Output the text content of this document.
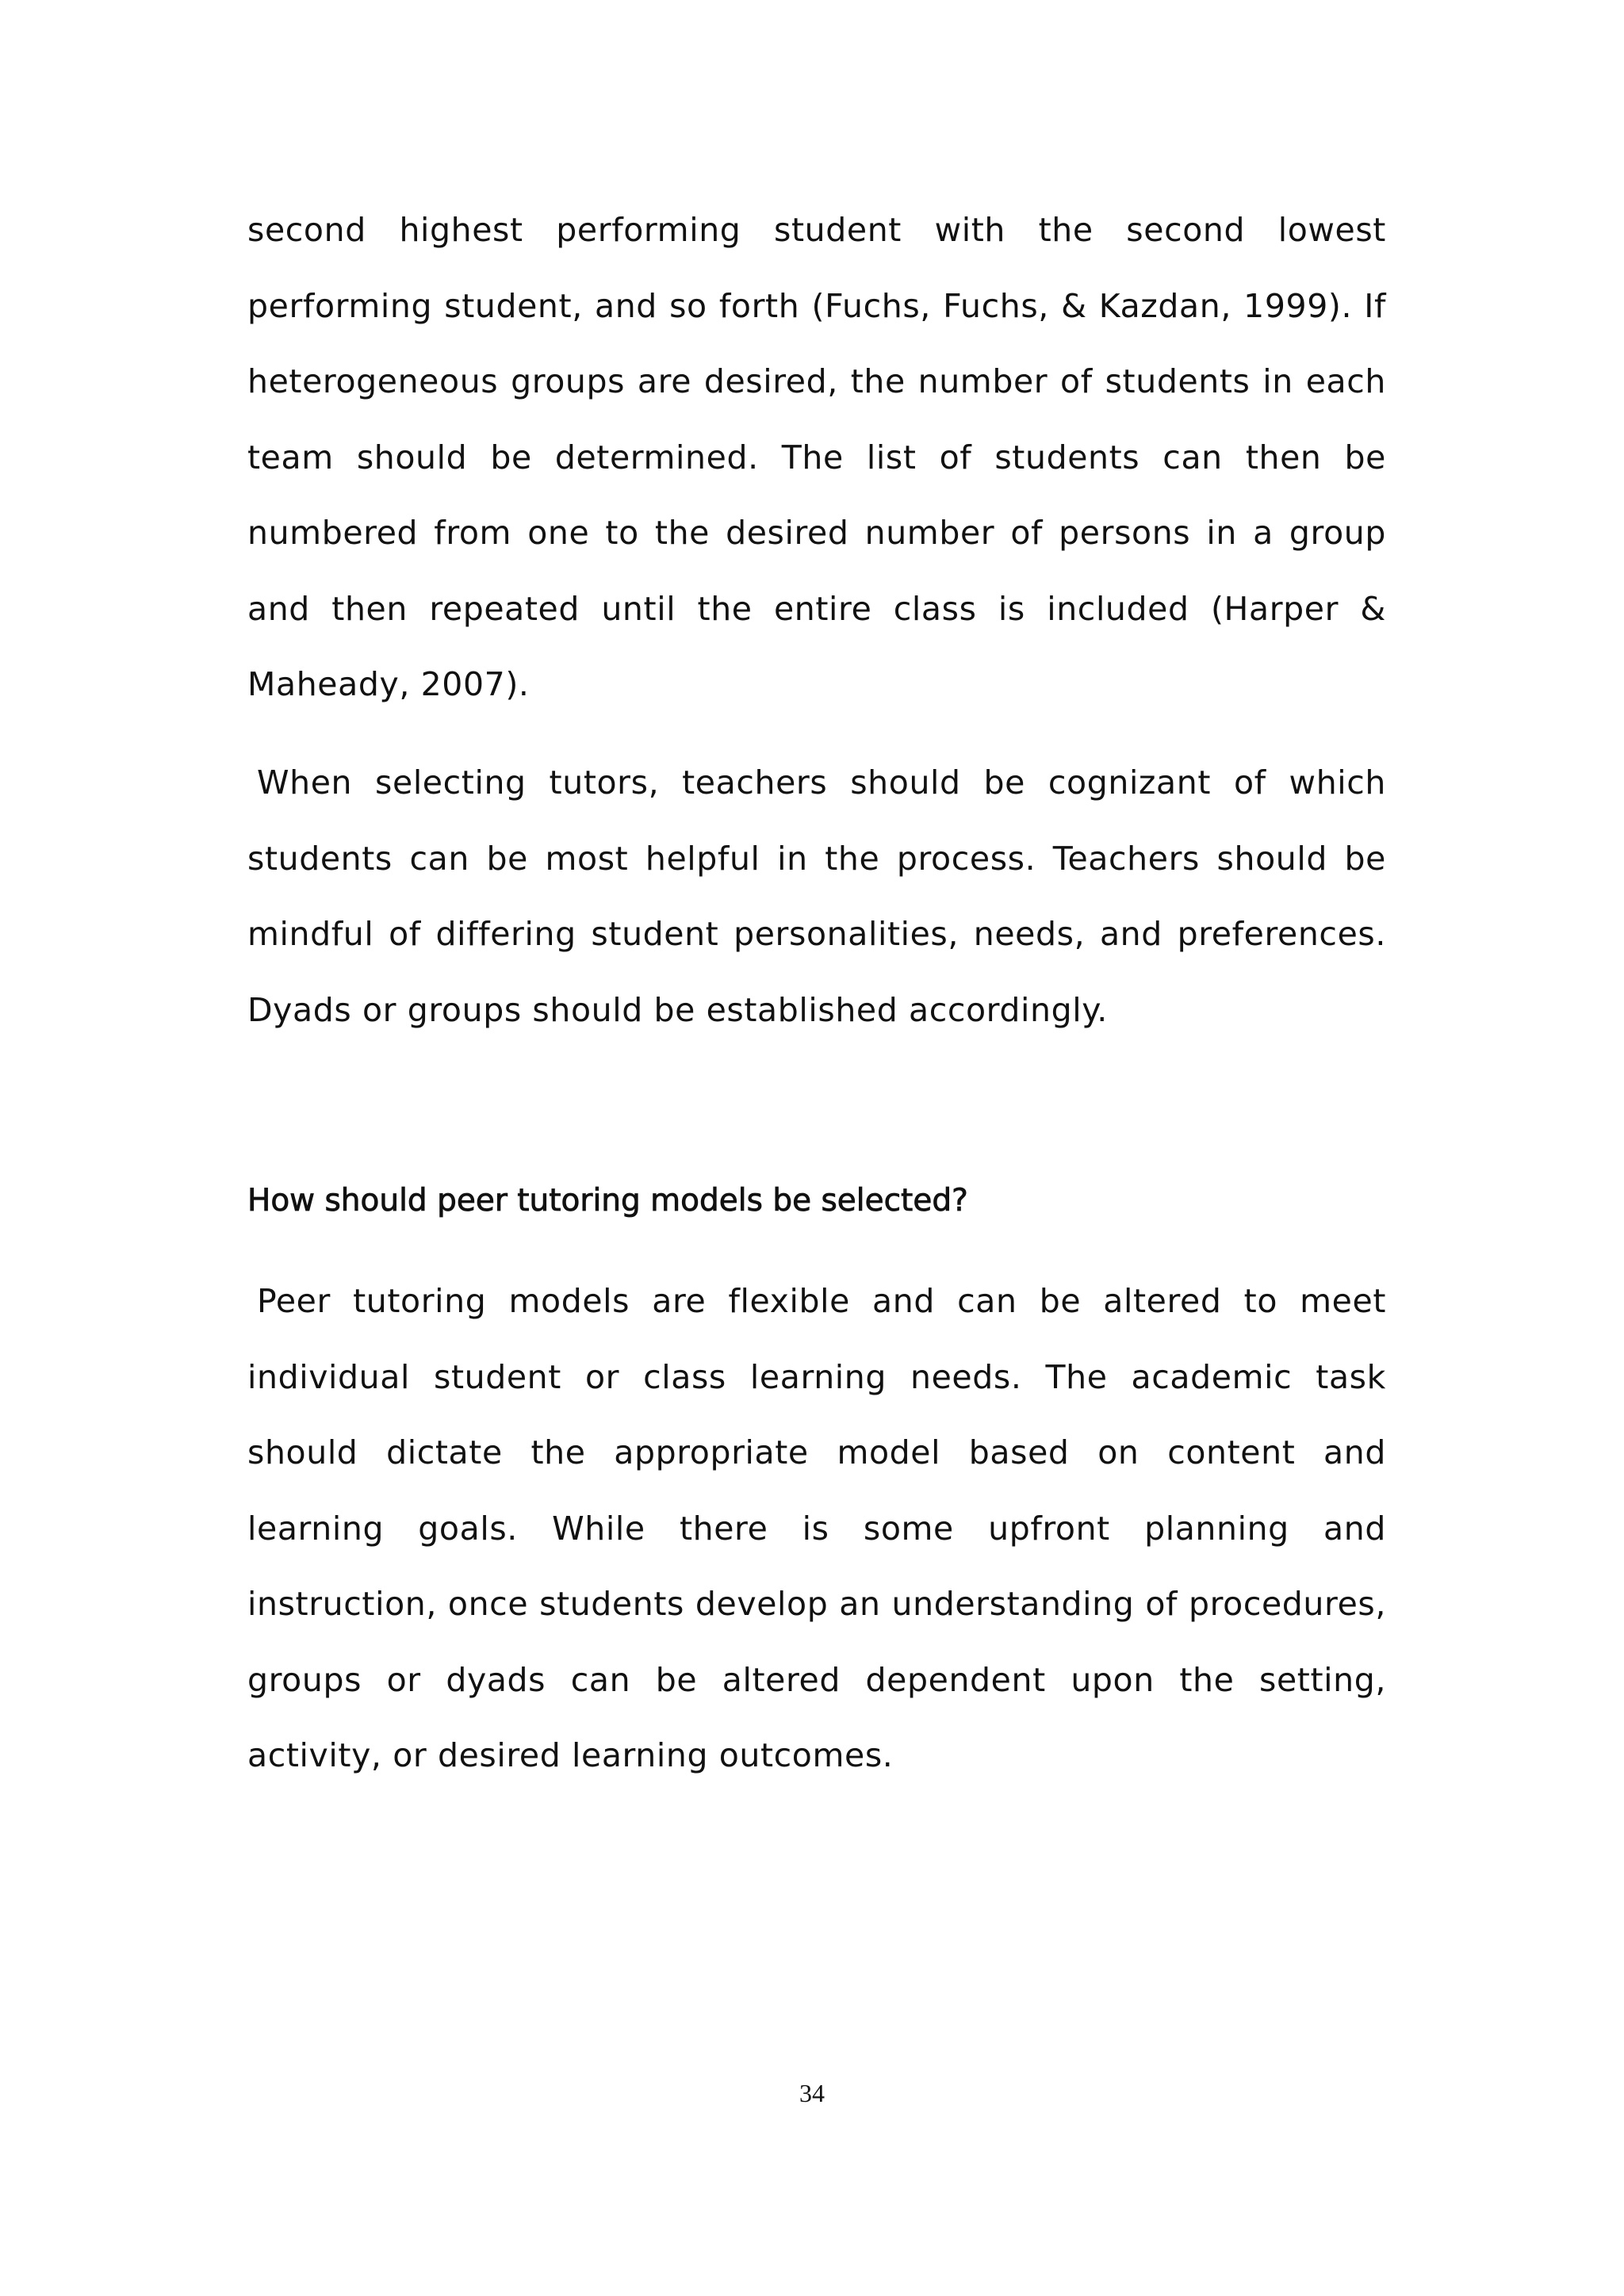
second highest performing student with the second lowest performing student, and so forth (Fuchs, Fuchs, & Kazdan, 1999). If heterogeneous groups are desired, the number of students in each team should be determined. The list of students can then be numbered from one to the desired number of persons in a group and then repeated until the entire class is included (Harper & Maheady, 2007).

When selecting tutors, teachers should be cognizant of which students can be most helpful in the process. Teachers should be mindful of differing student personalities, needs, and preferences. Dyads or groups should be established accordingly.

How should peer tutoring models be selected?

Peer tutoring models are flexible and can be altered to meet individual student or class learning needs. The academic task should dictate the appropriate model based on content and learning goals. While there is some upfront planning and instruction, once students develop an understanding of procedures, groups or dyads can be altered dependent upon the setting, activity, or desired learning outcomes.

34
